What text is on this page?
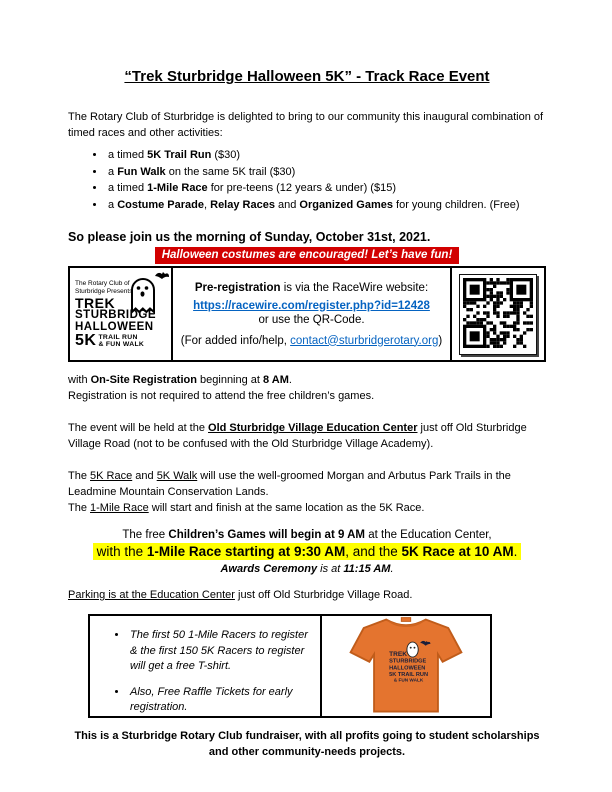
“Trek Sturbridge Halloween 5K” - Track Race Event

The Rotary Club of Sturbridge is delighted to bring to our community this inaugural combination of timed races and other activities:

• a timed 5K Trail Run ($30)
• a Fun Walk on the same 5K trail ($30)
• a timed 1-Mile Race for pre-teens (12 years & under) ($15)
• a Costume Parade, Relay Races and Organized Games for young children. (Free)
So please join us the morning of Sunday, October 31st, 2021.
Halloween costumes are encouraged! Let’s have fun!
The Rotary Club of Sturbridge Presents
TREK
STURBRIDGE
HALLOWEEN
5K TRAIL RUN
& FUN WALK

Pre-registration is via the RaceWire website:
https://racewire.com/register.php?id=12428
or use the QR-Code.
(For added info/help, contact@sturbridgerotary.org)

with On-Site Registration beginning at 8 AM.
Registration is not required to attend the free children’s games.
The event will be held at the Old Sturbridge Village Education Center just off Old Sturbridge Village Road (not to be confused with the Old Sturbridge Village Academy).
The 5K Race and 5K Walk will use the well-groomed Morgan and Arbutus Park Trails in the Leadmine Mountain Conservation Lands.
The 1-Mile Race will start and finish at the same location as the 5K Race.
The free Children’s Games will begin at 9 AM at the Education Center,
with the 1-Mile Race starting at 9:30 AM, and the 5K Race at 10 AM.
Awards Ceremony is at 11:15 AM.
Parking is at the Education Center just off Old Sturbridge Village Road.
• The first 50 1-Mile Racers to register & the first 150 5K Racers to register will get a free T-shirt.
• Also, Free Raffle Tickets for early registration.
TREK
STURBRIDGE
HALLOWEEN
5K TRAIL RUN
& FUN WALK
This is a Sturbridge Rotary Club fundraiser, with all profits going to student scholarships and other community-needs projects.
